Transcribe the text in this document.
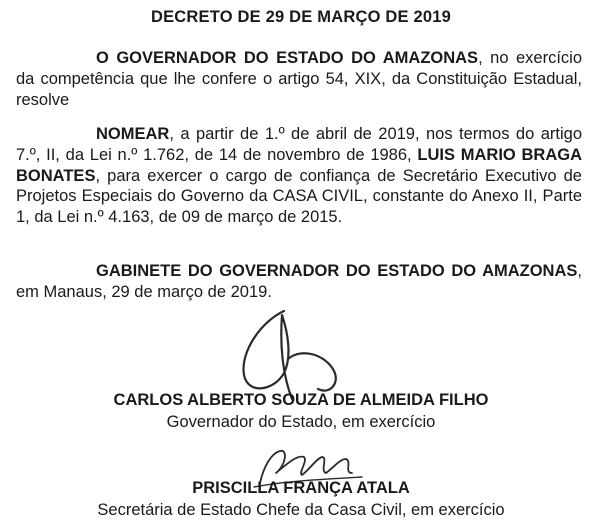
DECRETO DE 29 DE MARÇO DE 2019
O GOVERNADOR DO ESTADO DO AMAZONAS, no exercício da competência que lhe confere o artigo 54, XIX, da Constituição Estadual, resolve
NOMEAR, a partir de 1.º de abril de 2019, nos termos do artigo 7.º, II, da Lei n.º 1.762, de 14 de novembro de 1986, LUIS MARIO BRAGA BONATES, para exercer o cargo de confiança de Secretário Executivo de Projetos Especiais do Governo da CASA CIVIL, constante do Anexo II, Parte 1, da Lei n.º 4.163, de 09 de março de 2015.
GABINETE DO GOVERNADOR DO ESTADO DO AMAZONAS, em Manaus, 29 de março de 2019.
CARLOS ALBERTO SOUZA DE ALMEIDA FILHO
Governador do Estado, em exercício
PRISCILLA FRANÇA ATALA
Secretária de Estado Chefe da Casa Civil, em exercício
